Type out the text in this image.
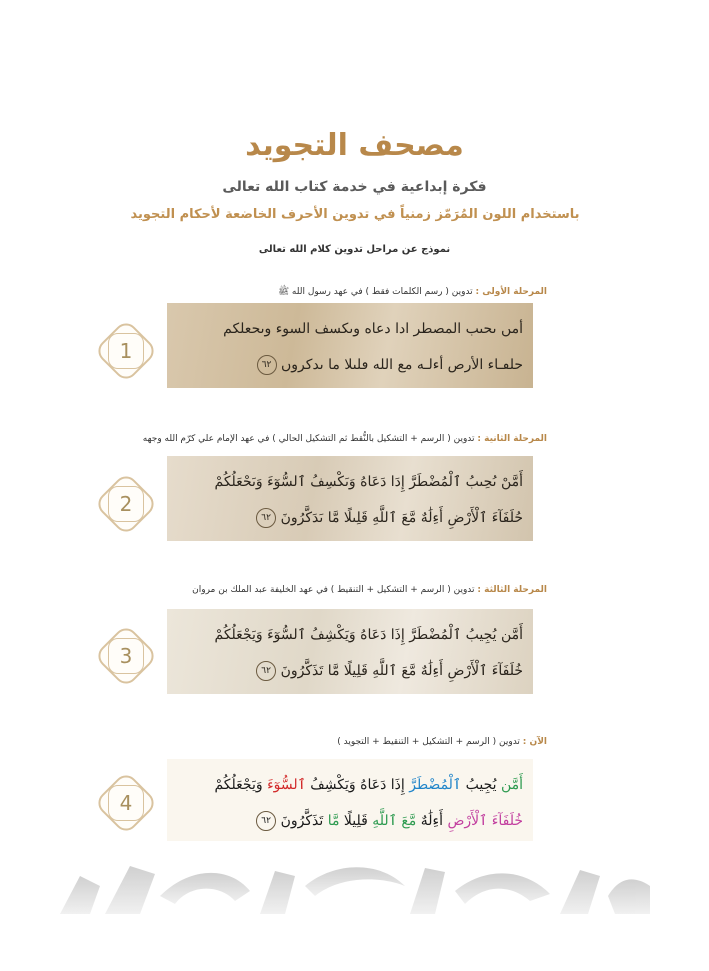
مصحف التجويد
فكرة إبداعية في خدمة كتاب الله تعالى
باستخدام اللون المُرَمّز زمنياً في تدوين الأحرف الخاضعة لأحكام التجويد
نموذج عن مراحل تدوين كلام الله تعالى
المرحلة الأولى : تدوين ( رسم الكلمات فقط ) في عهد رسول الله ﷺ
1
أمں ىحىب المصطر ادا دعاه وىكسف السوء وىحعلكم
حلڡـاء الأرص أءلـه مع الله ڡلىلا ما ىدكروں ٦٢
المرحلة الثانية : تدوين ( الرسم + التشكيل بالنُّقط ثم التشكيل الحالي ) في عهد الإمام علي كرّم الله وجهه
2
أَمَّںْ ىُحِىبُ ٱلْمُضْطَرَّ إِدَا دَعَاهُ وَىَكْسِفُ ٱلسُّوٓءَ وَىَحْعَلُكُمْ
حُلَفَآءَ ٱلْأَرْضِ أَءِلَٰهٌ مَّعَ ٱللَّهِ قَلِىلًا مَّا ىَدَكَّرُونَ ٦٢
المرحلة الثالثة : تدوين ( الرسم + التشكيل + التنقيط ) في عهد الخليفة عبد الملك بن مروان
3
أَمَّن يُجِيبُ ٱلْمُضْطَرَّ إِذَا دَعَاهُ وَيَكْشِفُ ٱلسُّوٓءَ وَيَجْعَلُكُمْ
خُلَفَآءَ ٱلْأَرْضِ أَءِلَٰهٌ مَّعَ ٱللَّهِ قَلِيلًا مَّا تَذَكَّرُونَ ٦٢
الآن : تدوين ( الرسم + التشكيل + التنقيط + التجويد )
4
أَمَّن يُجِيبُ ٱلْمُضْطَرَّ إِذَا دَعَاهُ وَيَكْشِفُ ٱلسُّوٓءَ وَيَجْعَلُكُمْ
خُلَفَآءَ ٱلْأَرْضِ أَءِلَٰهٌ مَّعَ ٱللَّهِ قَلِيلًا مَّا تَذَكَّرُونَ ٦٢
